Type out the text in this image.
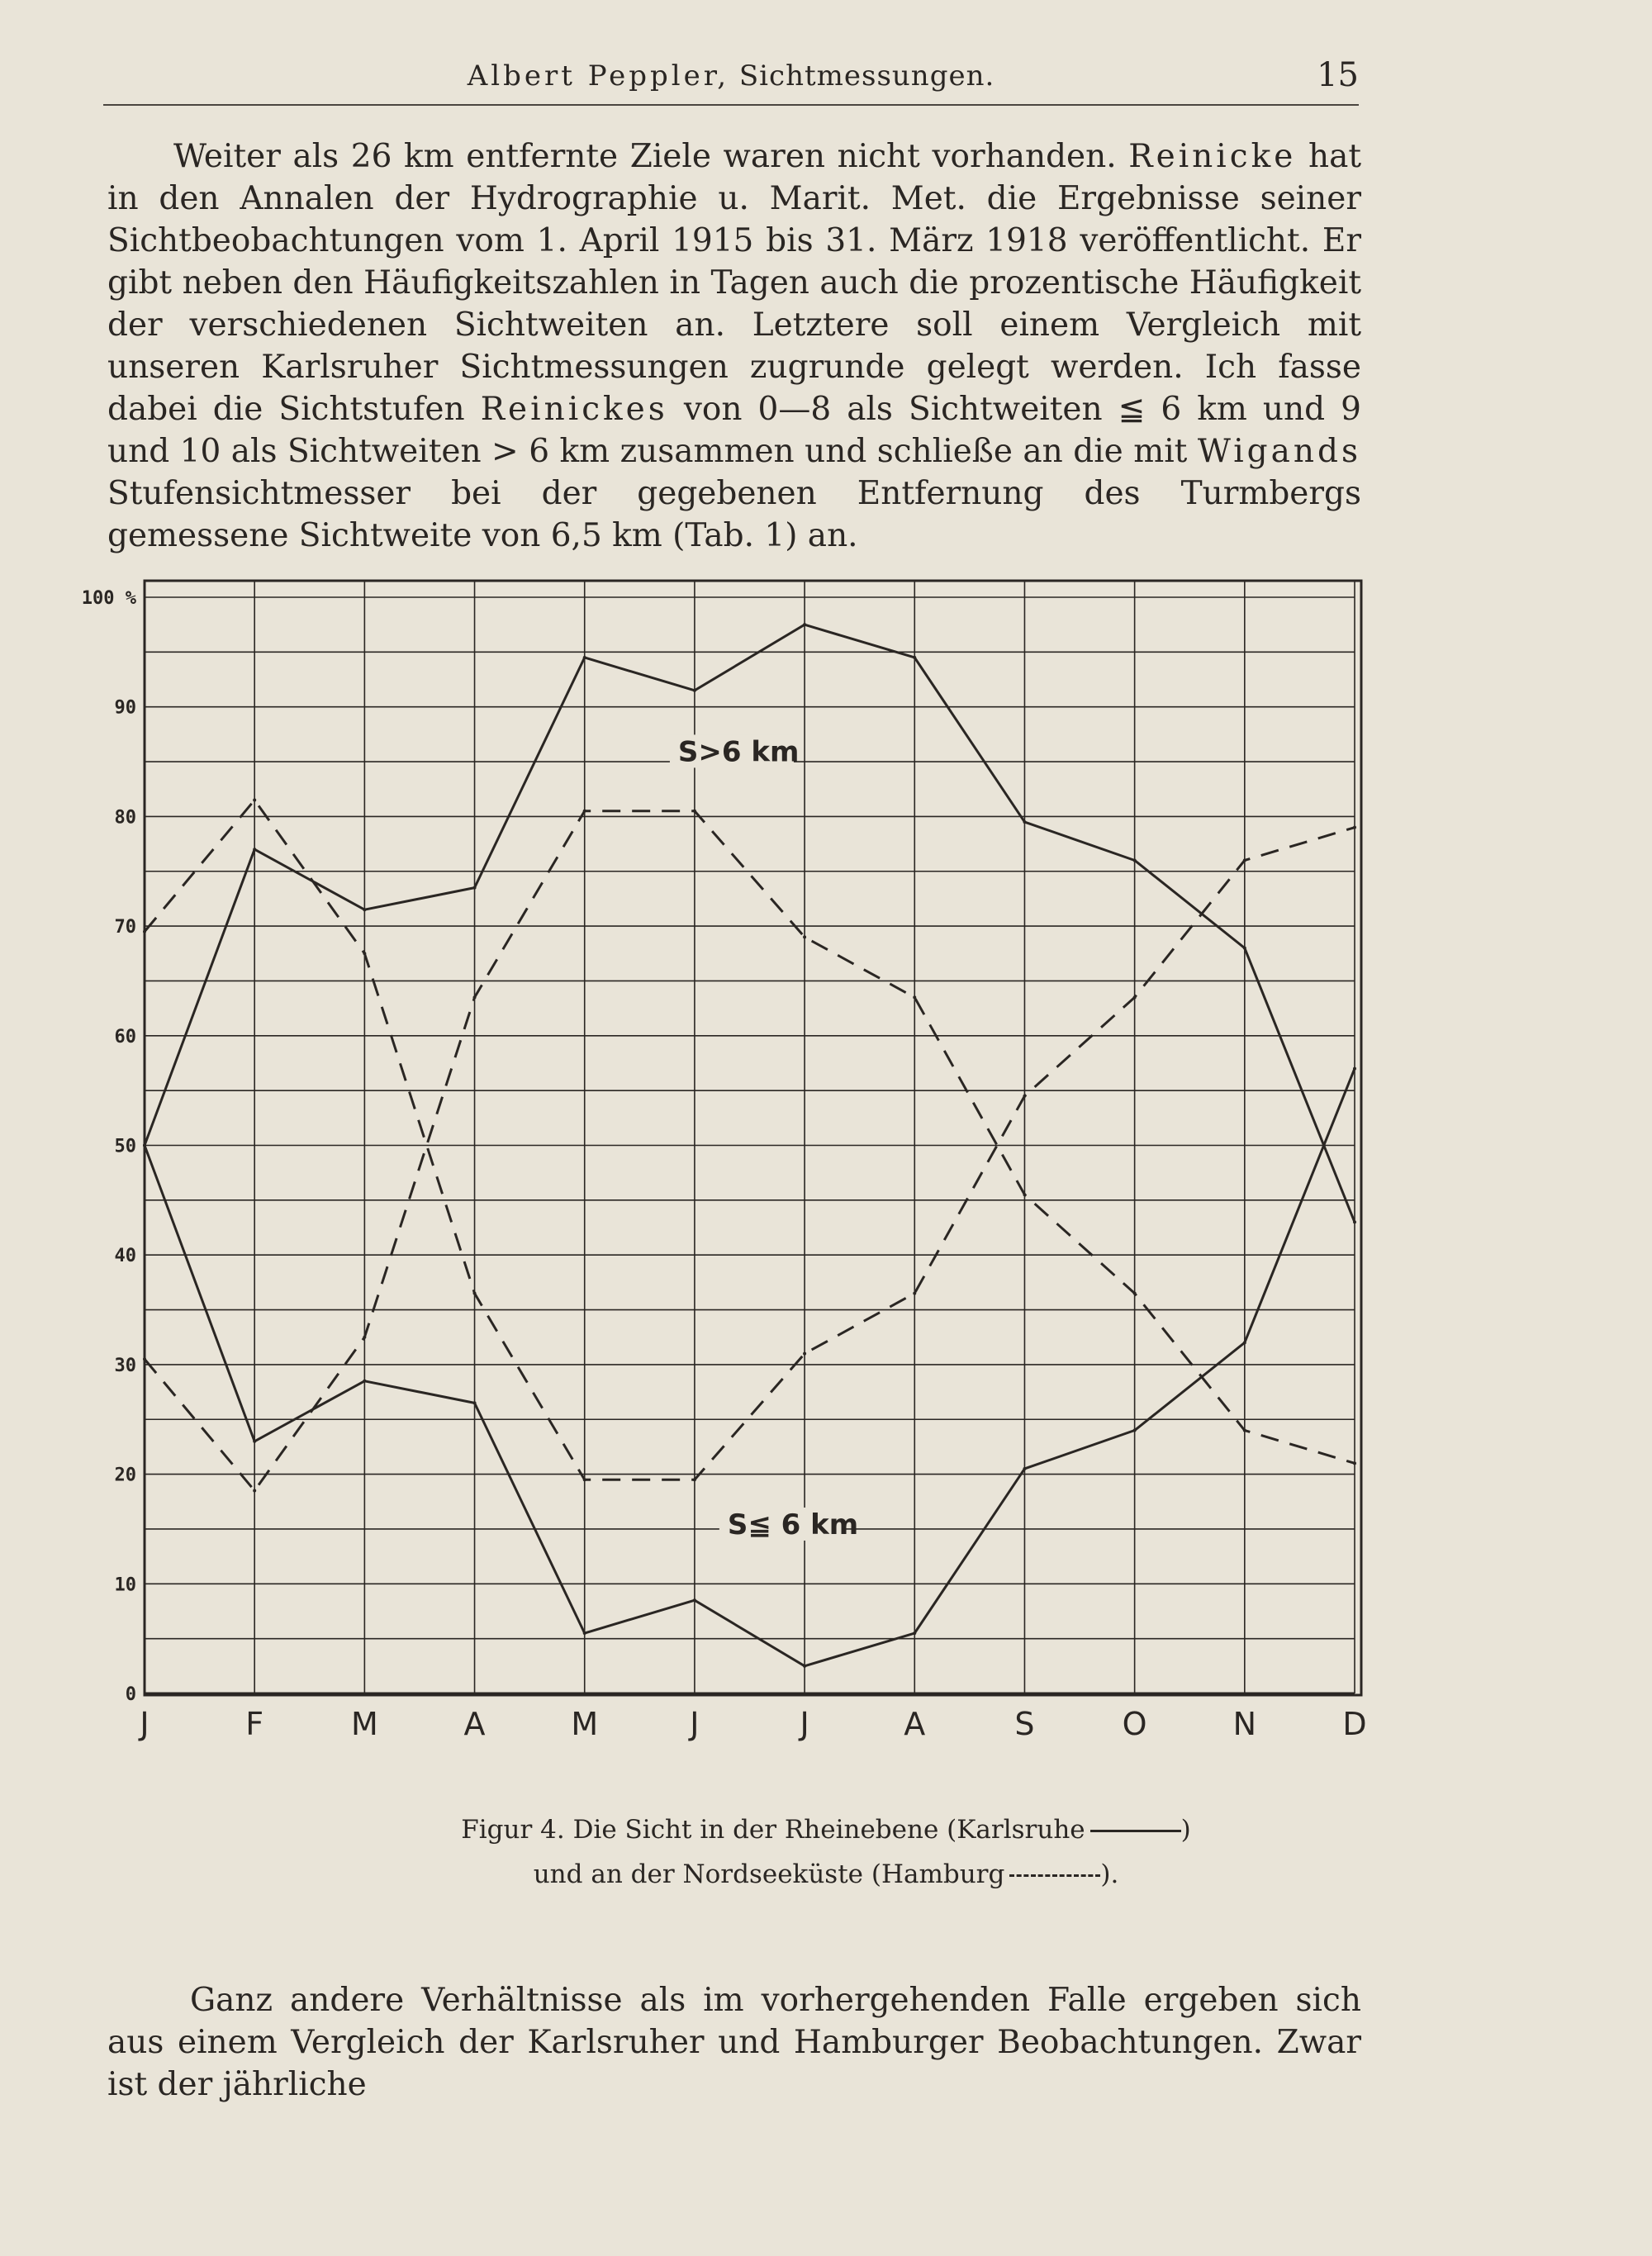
Albert Peppler, Sichtmessungen.	15

Weiter als 26 km entfernte Ziele waren nicht vorhanden. Reinicke hat in den Annalen der Hydrographie u. Marit. Met. die Ergebnisse seiner Sichtbeobachtungen vom 1. April 1915 bis 31. März 1918 veröffentlicht. Er gibt neben den Häufigkeitszahlen in Tagen auch die prozentische Häufigkeit der verschiedenen Sichtweiten an. Letztere soll einem Vergleich mit unseren Karlsruher Sichtmessungen zugrunde gelegt werden. Ich fasse dabei die Sichtstufen Reinickes von 0—8 als Sichtweiten ≦ 6 km und 9 und 10 als Sichtweiten > 6 km zusammen und schließe an die mit Wigands Stufensichtmesser bei der gegebenen Entfernung des Turmbergs gemessene Sichtweite von 6,5 km (Tab. 1) an.

0
10
20
30
40
50
60
70
80
90
100 %
J	F	M	A	M	J	J	A	S	O	N	D
S>6 km
S≦ 6 km
Figur 4. Die Sicht in der Rheinebene (Karlsruhe	)
und an der Nordseeküste (Hamburg	).

Ganz andere Verhältnisse als im vorhergehenden Falle ergeben sich aus einem Vergleich der Karlsruher und Hamburger Beobachtungen. Zwar ist der jährliche
